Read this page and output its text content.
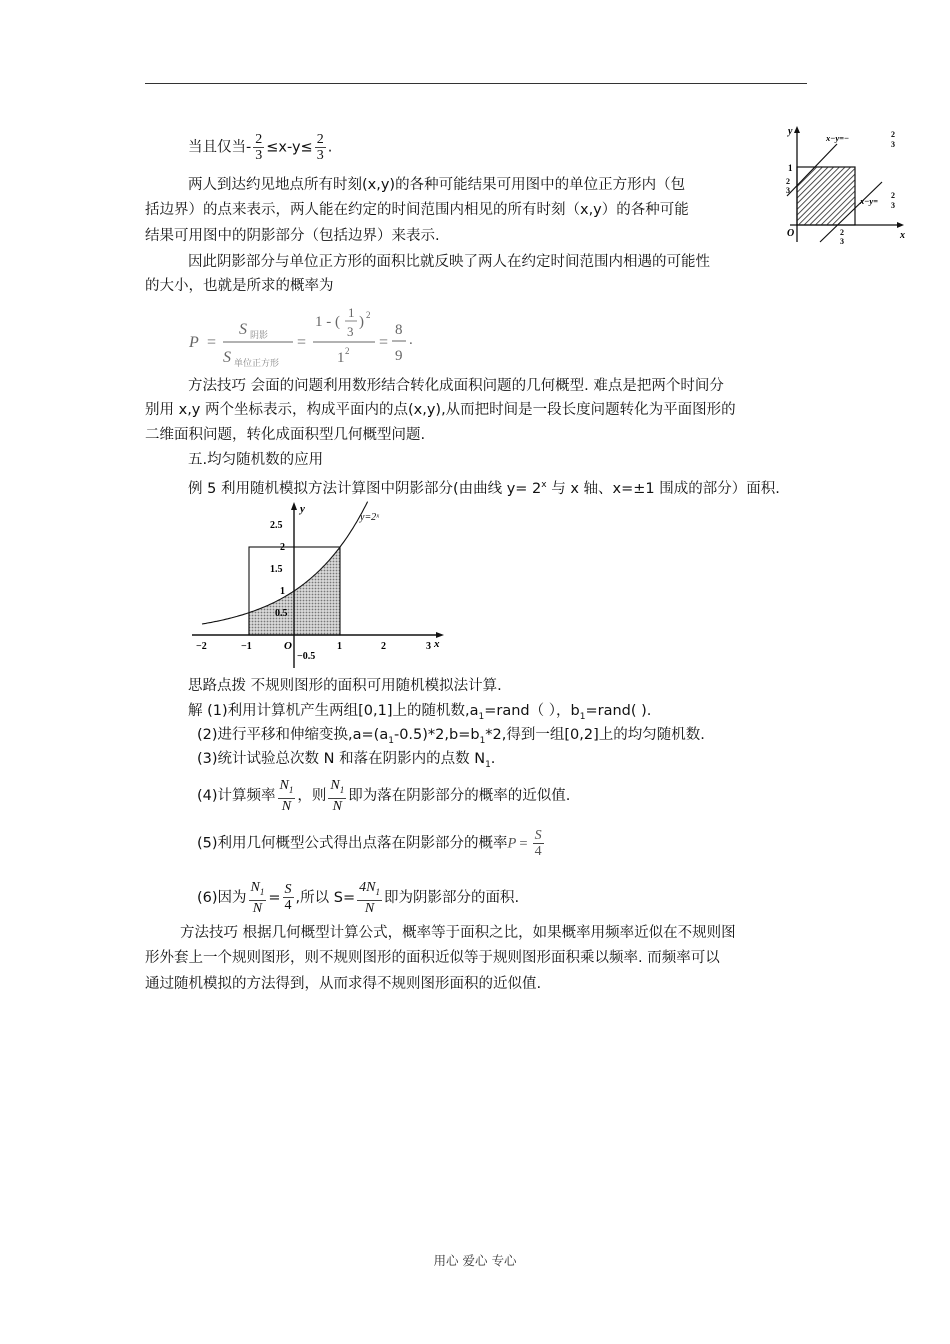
当且仅当- $\frac{2}{3} \le x-y\le \frac{2}{3}$ .
y
x
O
1
2
3
2
3
x−y=−	2
3
x−y=
2
3
两人到达约见地点所有时刻(x,y)的各种可能结果可用图中的单位正方形内（包
括边界）的点来表示，两人能在约定的时间范围内相见的所有时刻（x,y）的各种可能
结果可用图中的阴影部分（包括边界）来表示.
因此阴影部分与单位正方形的面积比就反映了两人在约定时间范围内相遇的可能性
的大小，也就是所求的概率为
P =
S 阴影
S 单位正方形
=
1 - (
1
3
) 2
1 2 =
8
9
.
方法技巧 会面的问题利用数形结合转化成面积问题的几何概型. 难点是把两个时间分
别用 x,y 两个坐标表示，构成平面内的点(x,y),从而把时间是一段长度问题转化为平面图形的
二维面积问题，转化成面积型几何概型问题.
五.均匀随机数的应用
例 5 利用随机模拟方法计算图中阴影部分(由曲线 $y= 2^x$ 与 x 轴、x=±1 围成的部分）面积.
y
x
O
y=2ˣ
2.5
2
1.5
1
0.5
−0.5
−2	−1	1	2	3
思路点拨 不规则图形的面积可用随机模拟法计算.
解 (1)利用计算机产生两组[0,1]上的随机数$,a_1=rand$（ ），$b_1=rand$( ).
(2)进行平移和伸缩变换$,a=(a_1-0.5)*2,b=b_1*2$,得到一组[0,2]上的均匀随机数.
(3)统计试验总次数 N 和落在阴影内的点数 $N_1$.
(4)计算频率 $\frac{N_1}{N}$ ，则 $\frac{N_1}{N}$ 即为落在阴影部分的概率的近似值.
(5)利用几何概型公式得出点落在阴影部分的概率$P = \frac{S}{4}$
(6)因为 $\frac{N_1}{N} = \frac{S}{4}$ ,所以 $S= \frac{4N_1}{N}$ 即为阴影部分的面积.
方法技巧 根据几何概型计算公式，概率等于面积之比，如果概率用频率近似在不规则图
形外套上一个规则图形，则不规则图形的面积近似等于规则图形面积乘以频率. 而频率可以
通过随机模拟的方法得到，从而求得不规则图形面积的近似值.
用心 爱心 专心
